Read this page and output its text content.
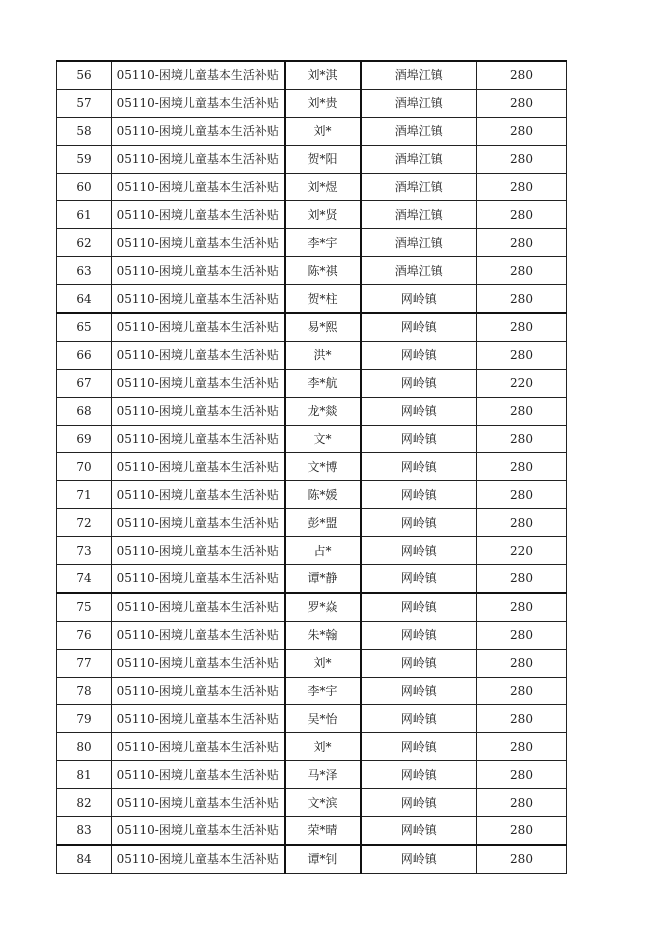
56	05110-困境儿童基本生活补贴	刘*淇	酒埠江镇	280
57	05110-困境儿童基本生活补贴	刘*贵	酒埠江镇	280
58	05110-困境儿童基本生活补贴	刘*	酒埠江镇	280
59	05110-困境儿童基本生活补贴	贺*阳	酒埠江镇	280
60	05110-困境儿童基本生活补贴	刘*煜	酒埠江镇	280
61	05110-困境儿童基本生活补贴	刘*贤	酒埠江镇	280
62	05110-困境儿童基本生活补贴	李*宇	酒埠江镇	280
63	05110-困境儿童基本生活补贴	陈*祺	酒埠江镇	280
64	05110-困境儿童基本生活补贴	贺*柱	网岭镇	280
65	05110-困境儿童基本生活补贴	易*熙	网岭镇	280
66	05110-困境儿童基本生活补贴	洪*	网岭镇	280
67	05110-困境儿童基本生活补贴	李*航	网岭镇	220
68	05110-困境儿童基本生活补贴	龙*燚	网岭镇	280
69	05110-困境儿童基本生活补贴	文*	网岭镇	280
70	05110-困境儿童基本生活补贴	文*博	网岭镇	280
71	05110-困境儿童基本生活补贴	陈*媛	网岭镇	280
72	05110-困境儿童基本生活补贴	彭*盟	网岭镇	280
73	05110-困境儿童基本生活补贴	占*	网岭镇	220
74	05110-困境儿童基本生活补贴	谭*静	网岭镇	280
75	05110-困境儿童基本生活补贴	罗*焱	网岭镇	280
76	05110-困境儿童基本生活补贴	朱*翰	网岭镇	280
77	05110-困境儿童基本生活补贴	刘*	网岭镇	280
78	05110-困境儿童基本生活补贴	李*宇	网岭镇	280
79	05110-困境儿童基本生活补贴	吴*怡	网岭镇	280
80	05110-困境儿童基本生活补贴	刘*	网岭镇	280
81	05110-困境儿童基本生活补贴	马*泽	网岭镇	280
82	05110-困境儿童基本生活补贴	文*滨	网岭镇	280
83	05110-困境儿童基本生活补贴	荣*晴	网岭镇	280
84	05110-困境儿童基本生活补贴	谭*钊	网岭镇	280
